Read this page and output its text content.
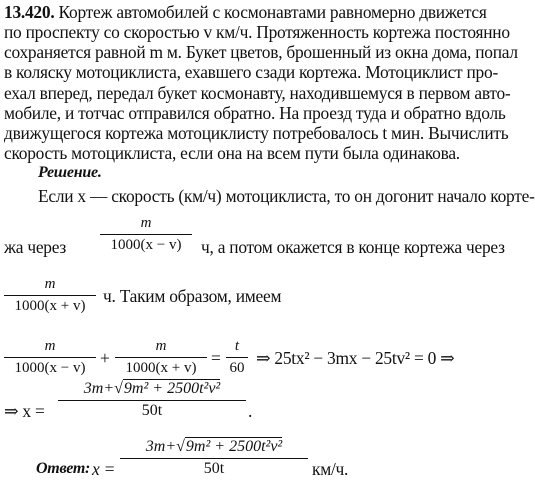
13.420. Кортеж автомобилей с космонавтами равномерно движется
по проспекту со скоростью v км/ч. Протяженность кортежа постоянно
сохраняется равной m м. Букет цветов, брошенный из окна дома, попал
в коляску мотоциклиста, ехавшего сзади кортежа. Мотоциклист про-
ехал вперед, передал букет космонавту, находившемуся в первом авто-
мобиле, и тотчас отправился обратно. На проезд туда и обратно вдоль
движущегося кортежа мотоциклисту потребовалось t мин. Вычислить
скорость мотоциклиста, если она на всем пути была одинакова.
Решение.
Если x — скорость (км/ч) мотоциклиста, то он догонит начало корте-
жа через $\frac{m}{1000(x - v)} ч$, а потом окажется в конце кортежа через
$\frac{m}{1000(x + v)} ч$. Таким образом, имеем
$\frac{m}{1000(x - v)} + \frac{m}{1000(x + v)} = \frac{t}{60}$ ⇒ 25tx² − 3mx − 25tv² = 0 ⇒
⇒ $x = \frac{\text{3m+√9m² + 2500t²v²}}{50t}$ .
Ответ: $x = \frac{\text{3m+√9m² + 2500t²v²}}{50t} км/ч$.
